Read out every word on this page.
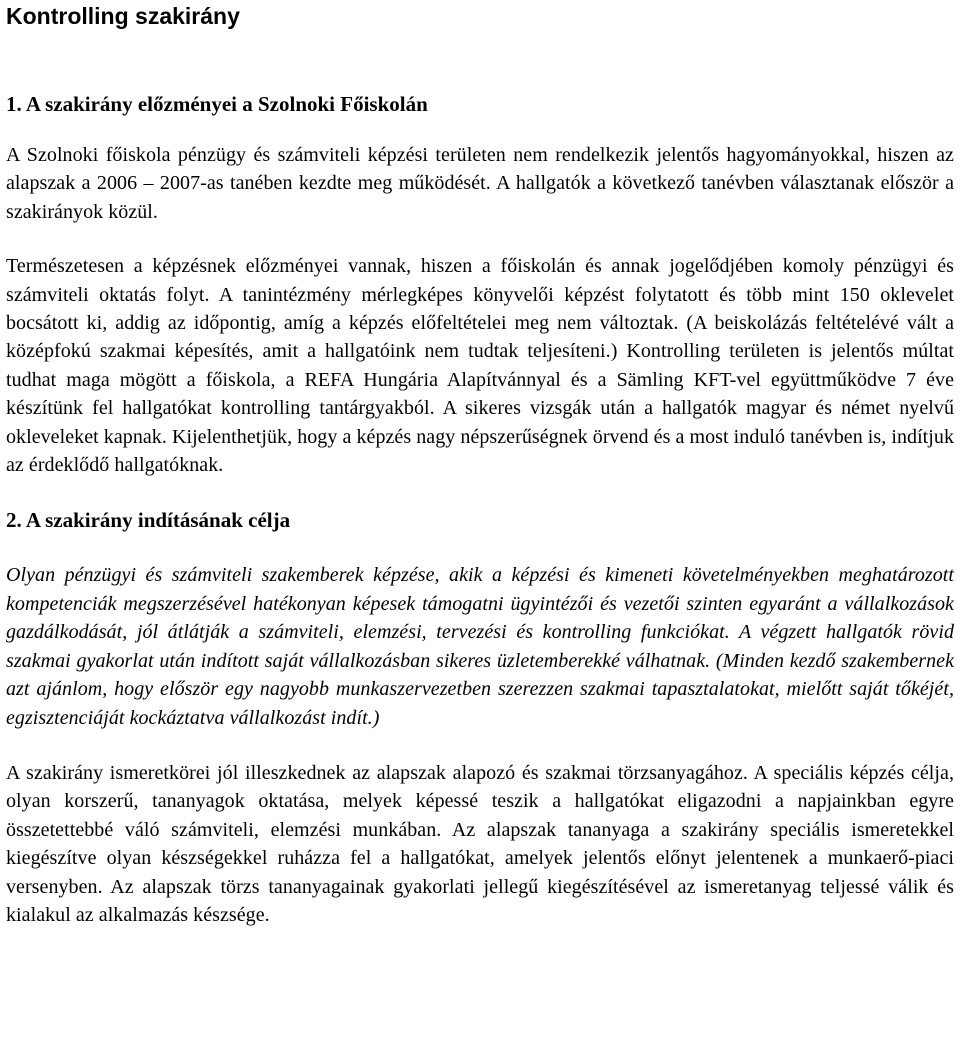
Kontrolling szakirány
1. A szakirány előzményei a Szolnoki Főiskolán

A Szolnoki főiskola pénzügy és számviteli képzési területen nem rendelkezik jelentős hagyományokkal, hiszen az alapszak a 2006 – 2007-as tanében kezdte meg működését. A hallgatók a következő tanévben választanak először a szakirányok közül.

Természetesen a képzésnek előzményei vannak, hiszen a főiskolán és annak jogelődjében komoly pénzügyi és számviteli oktatás folyt. A tanintézmény mérlegképes könyvelői képzést folytatott és több mint 150 oklevelet bocsátott ki, addig az időpontig, amíg a képzés előfeltételei meg nem változtak. (A beiskolázás feltételévé vált a középfokú szakmai képesítés, amit a hallgatóink nem tudtak teljesíteni.) Kontrolling területen is jelentős múltat tudhat maga mögött a főiskola, a REFA Hungária Alapítvánnyal és a Sämling KFT-vel együttműködve 7 éve készítünk fel hallgatókat kontrolling tantárgyakból. A sikeres vizsgák után a hallgatók magyar és német nyelvű okleveleket kapnak. Kijelenthetjük, hogy a képzés nagy népszerűségnek örvend és a most induló tanévben is, indítjuk az érdeklődő hallgatóknak.

2. A szakirány indításának célja

Olyan pénzügyi és számviteli szakemberek képzése, akik a képzési és kimeneti követelményekben meghatározott kompetenciák megszerzésével hatékonyan képesek támogatni ügyintézői és vezetői szinten egyaránt a vállalkozások gazdálkodását, jól átlátják a számviteli, elemzési, tervezési és kontrolling funkciókat. A végzett hallgatók rövid szakmai gyakorlat után indított saját vállalkozásban sikeres üzletemberekké válhatnak. (Minden kezdő szakembernek azt ajánlom, hogy először egy nagyobb munkaszervezetben szerezzen szakmai tapasztalatokat, mielőtt saját tőkéjét, egzisztenciáját kockáztatva vállalkozást indít.)

A szakirány ismeretkörei jól illeszkednek az alapszak alapozó és szakmai törzsanyagához. A speciális képzés célja, olyan korszerű, tananyagok oktatása, melyek képessé teszik a hallgatókat eligazodni a napjainkban egyre összetettebbé váló számviteli, elemzési munkában. Az alapszak tananyaga a szakirány speciális ismeretekkel kiegészítve olyan készségekkel ruházza fel a hallgatókat, amelyek jelentős előnyt jelentenek a munkaerő-piaci versenyben. Az alapszak törzs tananyagainak gyakorlati jellegű kiegészítésével az ismeretanyag teljessé válik és kialakul az alkalmazás készsége.
